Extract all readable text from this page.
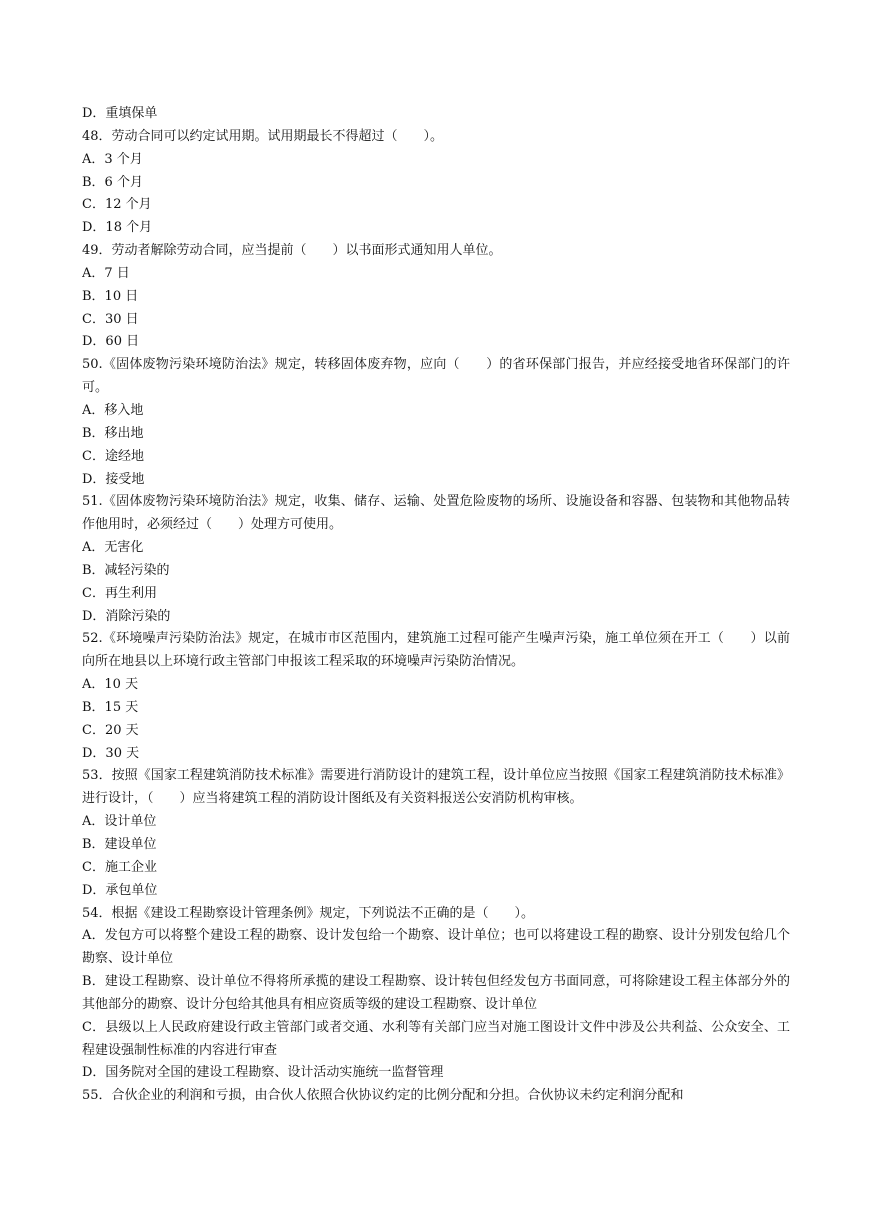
D．重填保单
48．劳动合同可以约定试用期。试用期最长不得超过（　　）。
A．3 个月
B．6 个月
C．12 个月
D．18 个月
49．劳动者解除劳动合同，应当提前（　　）以书面形式通知用人单位。
A．7 日
B．10 日
C．30 日
D．60 日
50.《固体废物污染环境防治法》规定，转移固体废弃物，应向（　　）的省环保部门报告，并应经接受地省环保部门的许可。
A．移入地
B．移出地
C．途经地
D．接受地
51.《固体废物污染环境防治法》规定，收集、储存、运输、处置危险废物的场所、设施设备和容器、包装物和其他物品转作他用时，必须经过（　　）处理方可使用。
A．无害化
B．减轻污染的
C．再生利用
D．消除污染的
52.《环境噪声污染防治法》规定，在城市市区范围内，建筑施工过程可能产生噪声污染，施工单位须在开工（　　）以前向所在地县以上环境行政主管部门申报该工程采取的环境噪声污染防治情况。
A．10 天
B．15 天
C．20 天
D．30 天
53．按照《国家工程建筑消防技术标准》需要进行消防设计的建筑工程，设计单位应当按照《国家工程建筑消防技术标准》进行设计，（　　）应当将建筑工程的消防设计图纸及有关资料报送公安消防机构审核。
A．设计单位
B．建设单位
C．施工企业
D．承包单位
54．根据《建设工程勘察设计管理条例》规定，下列说法不正确的是（　　）。
A．发包方可以将整个建设工程的勘察、设计发包给一个勘察、设计单位；也可以将建设工程的勘察、设计分别发包给几个勘察、设计单位
B．建设工程勘察、设计单位不得将所承揽的建设工程勘察、设计转包但经发包方书面同意，可将除建设工程主体部分外的其他部分的勘察、设计分包给其他具有相应资质等级的建设工程勘察、设计单位
C．县级以上人民政府建设行政主管部门或者交通、水利等有关部门应当对施工图设计文件中涉及公共利益、公众安全、工程建设强制性标准的内容进行审查
D．国务院对全国的建设工程勘察、设计活动实施统一监督管理
55．合伙企业的利润和亏损，由合伙人依照合伙协议约定的比例分配和分担。合伙协议未约定利润分配和
